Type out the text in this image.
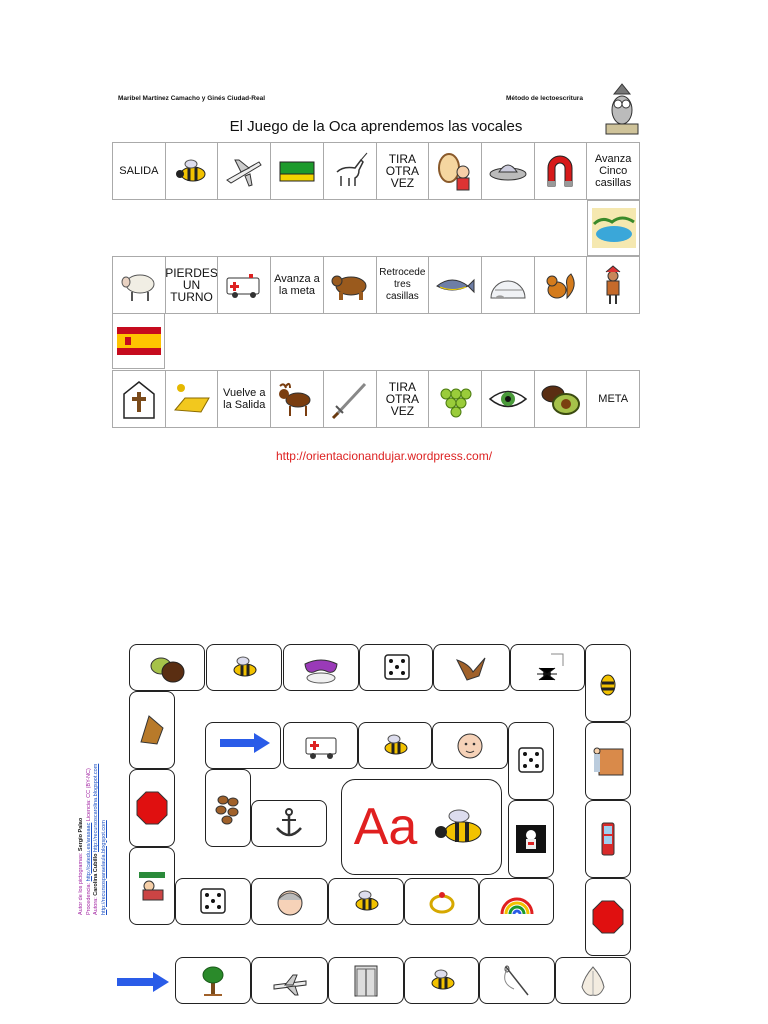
Maribel Martínez Camacho y Ginés Ciudad-Real	Método de lectoescritura
El Juego de la Oca aprendemos las vocales
SALIDA
TIRA OTRA VEZ
Avanza Cinco casillas
PIERDES UN TURNO
Avanza a la meta
Retrocede tres casillas
Vuelve a la Salida
TIRA OTRA VEZ
META
http://orientacionandujar.wordpress.com/
Autor de los pictogramas: Sergio Palao
Procedencia: http://catedu.es/arasaac Licencia: CC (BY-NC)
Autora: Carolina Cubillo http://recursoscarolina.blogspot.com
http://recursosparaelaula.blogspot.com	Aa
